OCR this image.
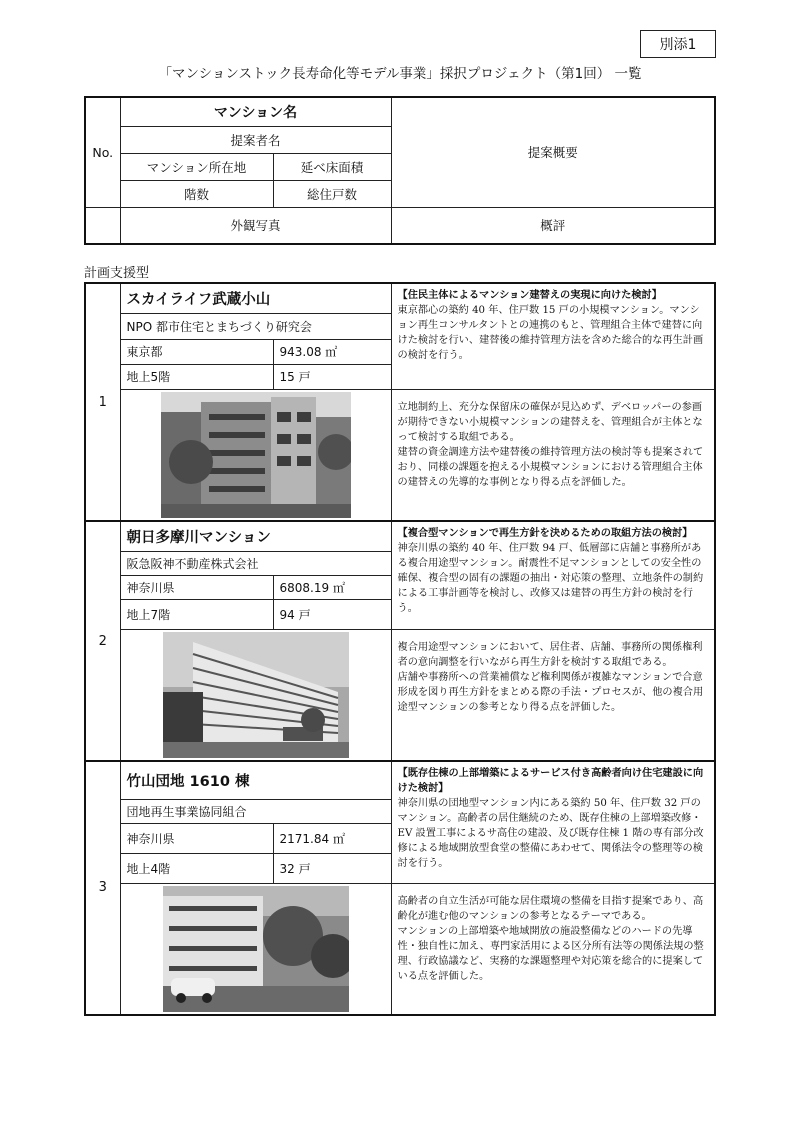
別添1
「マンションストック長寿命化等モデル事業」採択プロジェクト（第1回） 一覧
No.	マンション名		提案概要
	提案者名		
	マンション所在地	延べ床面積	
	階数	総住戸数	
	外観写真		概評
計画支援型
1	スカイライフ武蔵小山		【住民主体によるマンション建替えの実現に向けた検討】
東京都心の築約 40 年、住戸数 15 戸の小規模マンション。マンション再生コンサルタントとの連携のもと、管理組合主体で建替に向けた検討を行い、建替後の維持管理方法を含めた総合的な再生計画の検討を行う。
	NPO 都市住宅とまちづくり研究会		
	東京都	943.08 ㎡	
	地上5階	15 戸	

立地制約上、充分な保留床の確保が見込めず、デベロッパーの参画が期待できない小規模マンションの建替えを、管理組合が主体となって検討する取組である。

建替の資金調達方法や建替後の維持管理方法の検討等も提案されており、同様の課題を抱える小規模マンションにおける管理組合主体の建替えの先導的な事例となり得る点を評価した。

2	朝日多摩川マンション		【複合型マンションで再生方針を決めるための取組方法の検討】
神奈川県の築約 40 年、住戸数 94 戸、低層部に店舗と事務所がある複合用途型マンション。耐震性不足マンションとしての安全性の確保、複合型の固有の課題の抽出・対応策の整理、立地条件の制約による工事計画等を検討し、改修又は建替の再生方針の検討を行う。
	阪急阪神不動産株式会社		
	神奈川県	6808.19 ㎡	
	地上7階	94 戸	

複合用途型マンションにおいて、居住者、店舗、事務所の関係権利者の意向調整を行いながら再生方針を検討する取組である。

店舗や事務所への営業補償など権利関係が複雑なマンションで合意形成を図り再生方針をまとめる際の手法・プロセスが、他の複合用途型マンションの参考となり得る点を評価した。

3	竹山団地 1610 棟		【既存住棟の上部増築によるサービス付き高齢者向け住宅建設に向けた検討】
神奈川県の団地型マンション内にある築約 50 年、住戸数 32 戸のマンション。高齢者の居住継続のため、既存住棟の上部増築改修・EV 設置工事によるサ高住の建設、及び既存住棟 1 階の専有部分改修による地域開放型食堂の整備にあわせて、関係法令の整理等の検討を行う。
	団地再生事業協同組合		
	神奈川県	2171.84 ㎡	
	地上4階	32 戸	

高齢者の自立生活が可能な居住環境の整備を目指す提案であり、高齢化が進む他のマンションの参考となるテーマである。

マンションの上部増築や地域開放の施設整備などのハードの先導性・独自性に加え、専門家活用による区分所有法等の関係法規の整理、行政協議など、実務的な課題整理や対応策を総合的に提案している点を評価した。
